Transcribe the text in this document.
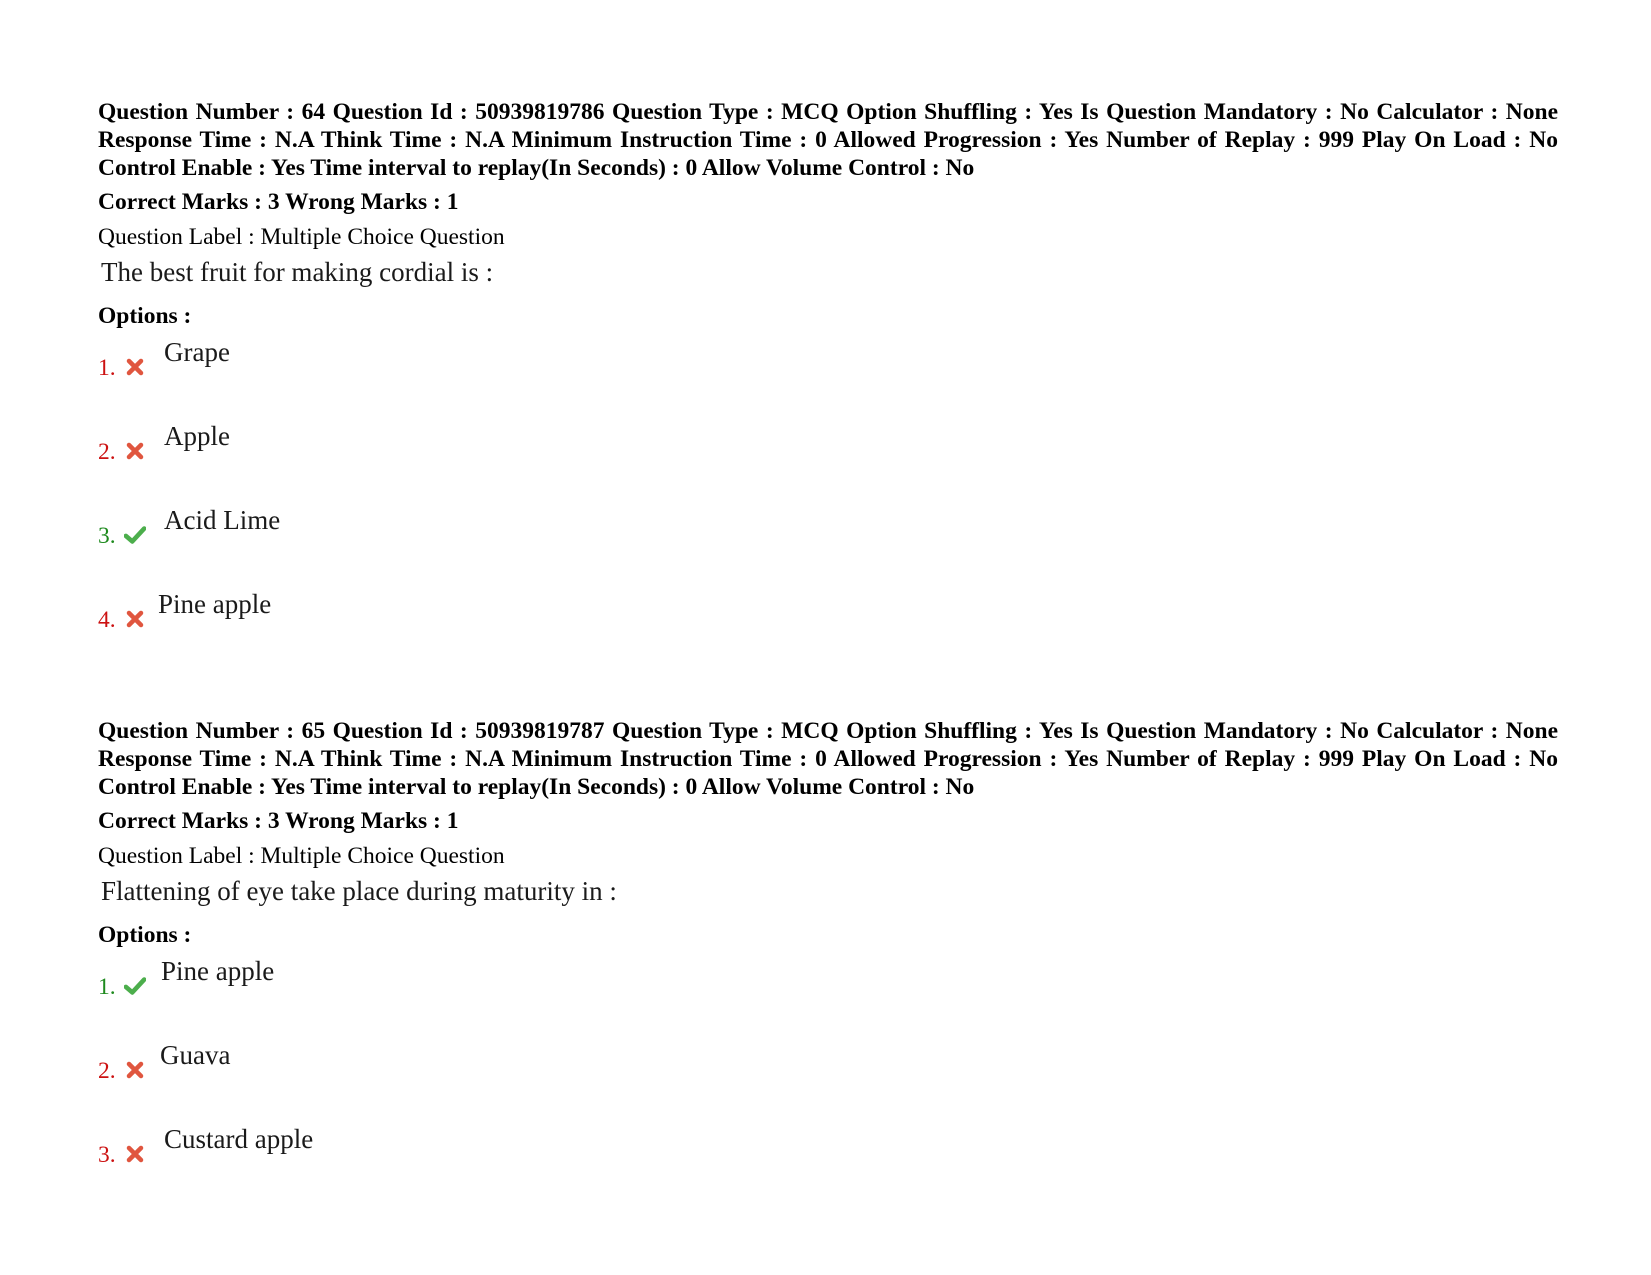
Question Number : 64 Question Id : 50939819786 Question Type : MCQ Option Shuffling : Yes Is Question Mandatory : No Calculator : None Response Time : N.A Think Time : N.A Minimum Instruction Time : 0 Allowed Progression : Yes Number of Replay : 999 Play On Load : No Control Enable : Yes Time interval to replay(In Seconds) : 0 Allow Volume Control : No

Correct Marks : 3 Wrong Marks : 1
Question Label : Multiple Choice Question
The best fruit for making cordial is :
Options :
1.
Grape
2.
Apple
3.
Acid Lime
4.
Pine apple

Question Number : 65 Question Id : 50939819787 Question Type : MCQ Option Shuffling : Yes Is Question Mandatory : No Calculator : None Response Time : N.A Think Time : N.A Minimum Instruction Time : 0 Allowed Progression : Yes Number of Replay : 999 Play On Load : No Control Enable : Yes Time interval to replay(In Seconds) : 0 Allow Volume Control : No

Correct Marks : 3 Wrong Marks : 1
Question Label : Multiple Choice Question
Flattening of eye take place during maturity in :
Options :
1.
Pine apple
2.
Guava
3.
Custard apple
